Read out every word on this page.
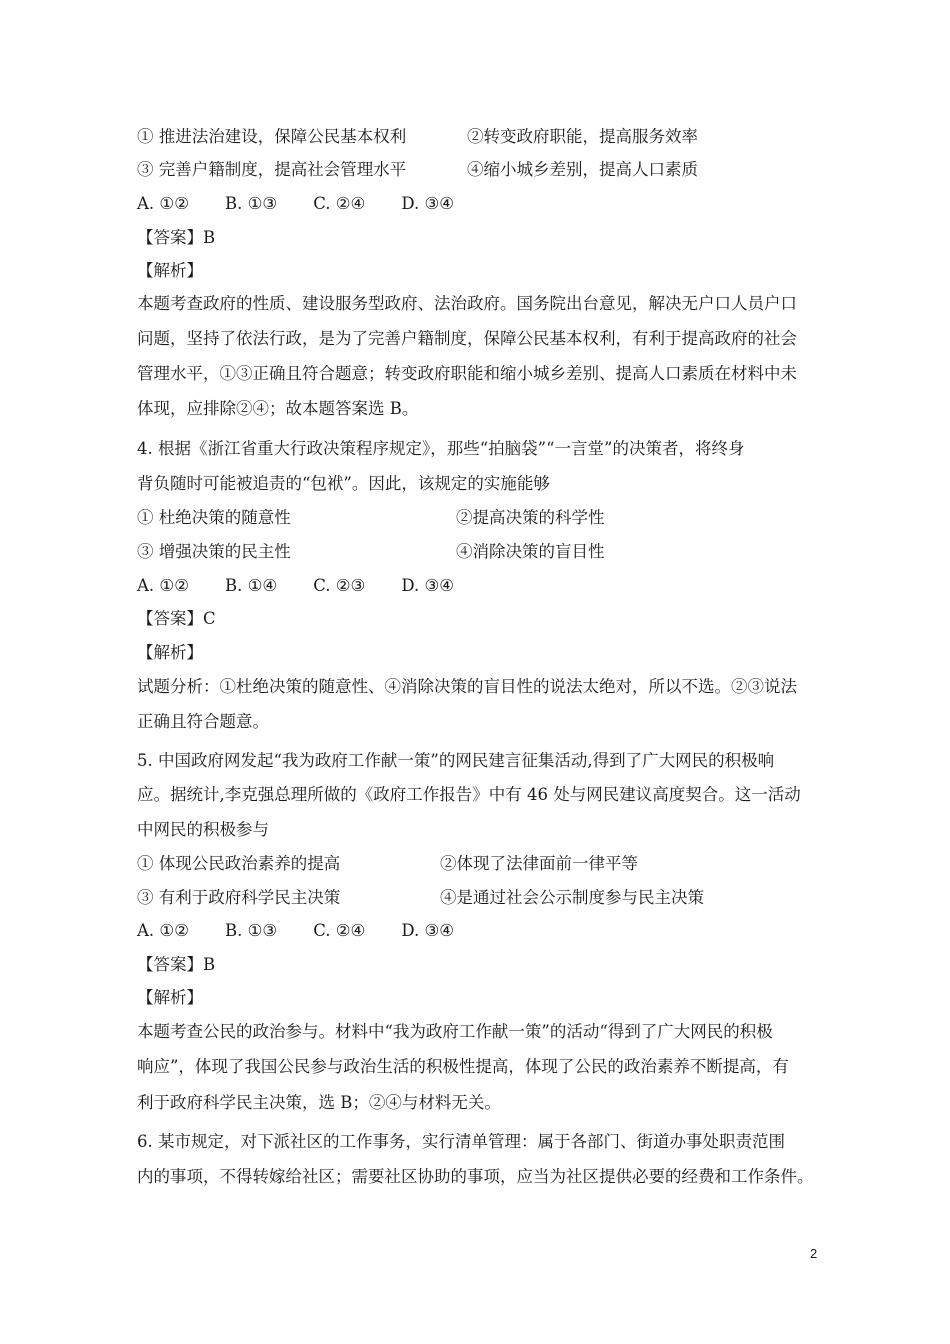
① 推进法治建设，保障公民基本权利	②转变政府职能，提高服务效率
③ 完善户籍制度，提高社会管理水平	④缩小城乡差别，提高人口素质
A. ①② B. ①③ C. ②④ D. ③④
【答案】B
【解析】
本题考查政府的性质、建设服务型政府、法治政府。国务院出台意见，解决无户口人员户口
问题，坚持了依法行政，是为了完善户籍制度，保障公民基本权利，有利于提高政府的社会
管理水平，①③正确且符合题意；转变政府职能和缩小城乡差别、提高人口素质在材料中未
体现，应排除②④；故本题答案选 B。
4. 根据《浙江省重大行政决策程序规定》，那些“拍脑袋”“一言堂”的决策者，将终身
背负随时可能被追责的“包袱”。因此，该规定的实施能够
① 杜绝决策的随意性	②提高决策的科学性
③ 增强决策的民主性	④消除决策的盲目性
A. ①② B. ①④ C. ②③ D. ③④
【答案】C
【解析】
试题分析：①杜绝决策的随意性、④消除决策的盲目性的说法太绝对，所以不选。②③说法
正确且符合题意。
5. 中国政府网发起“我为政府工作献一策”的网民建言征集活动,得到了广大网民的积极响
应。据统计,李克强总理所做的《政府工作报告》中有 46 处与网民建议高度契合。这一活动
中网民的积极参与
① 体现公民政治素养的提高	②体现了法律面前一律平等
③ 有利于政府科学民主决策	④是通过社会公示制度参与民主决策
A. ①② B. ①③ C. ②④ D. ③④
【答案】B
【解析】
本题考查公民的政治参与。材料中“我为政府工作献一策”的活动“得到了广大网民的积极
响应”，体现了我国公民参与政治生活的积极性提高，体现了公民的政治素养不断提高，有
利于政府科学民主决策，选 B；②④与材料无关。
6. 某市规定，对下派社区的工作事务，实行清单管理：属于各部门、街道办事处职责范围
内的事项，不得转嫁给社区；需要社区协助的事项，应当为社区提供必要的经费和工作条件。
2
